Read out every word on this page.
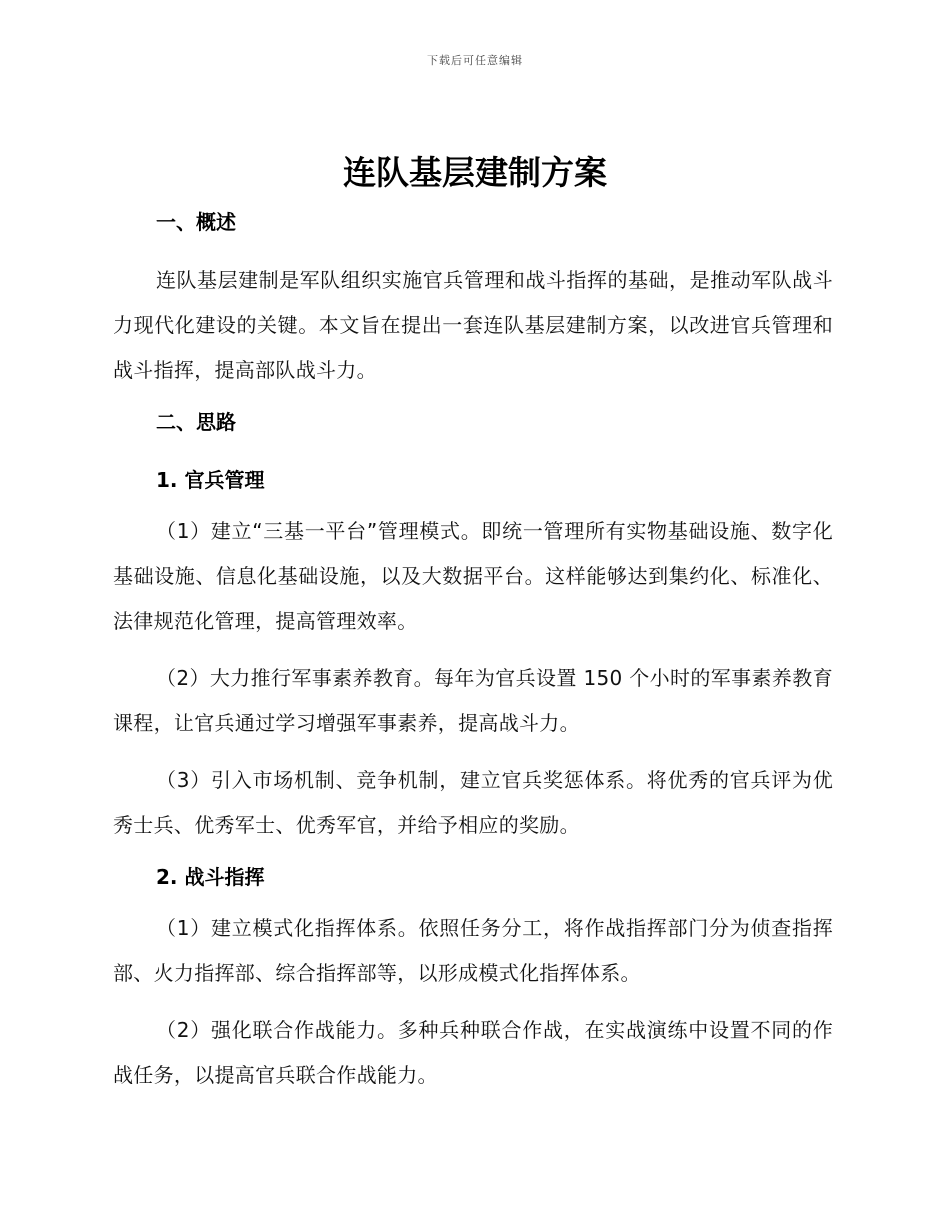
下载后可任意编辑
连队基层建制方案

一、概述

连队基层建制是军队组织实施官兵管理和战斗指挥的基础，是推动军队战斗力现代化建设的关键。本文旨在提出一套连队基层建制方案，以改进官兵管理和战斗指挥，提高部队战斗力。

二、思路

1. 官兵管理

（1）建立“三基一平台”管理模式。即统一管理所有实物基础设施、数字化基础设施、信息化基础设施，以及大数据平台。这样能够达到集约化、标准化、法律规范化管理，提高管理效率。

（2）大力推行军事素养教育。每年为官兵设置 150 个小时的军事素养教育课程，让官兵通过学习增强军事素养，提高战斗力。

（3）引入市场机制、竞争机制，建立官兵奖惩体系。将优秀的官兵评为优秀士兵、优秀军士、优秀军官，并给予相应的奖励。

2. 战斗指挥

（1）建立模式化指挥体系。依照任务分工，将作战指挥部门分为侦查指挥部、火力指挥部、综合指挥部等，以形成模式化指挥体系。

（2）强化联合作战能力。多种兵种联合作战，在实战演练中设置不同的作战任务，以提高官兵联合作战能力。
